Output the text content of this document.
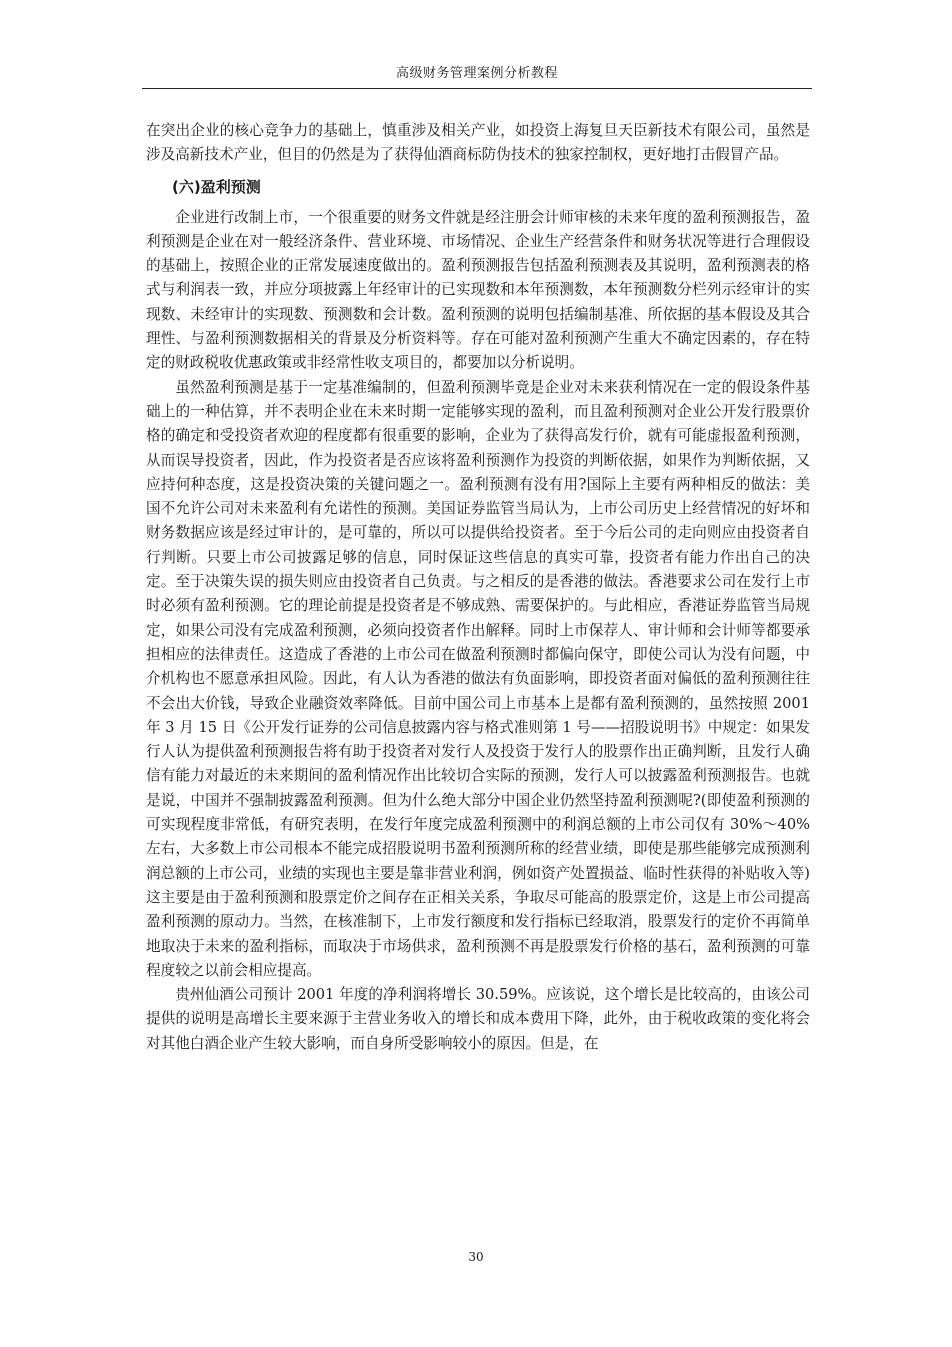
高级财务管理案例分析教程

在突出企业的核心竞争力的基础上，慎重涉及相关产业，如投资上海复旦天臣新技术有限公司，虽然是涉及高新技术产业，但目的仍然是为了获得仙酒商标防伪技术的独家控制权，更好地打击假冒产品。

(六)盈利预测

企业进行改制上市，一个很重要的财务文件就是经注册会计师审核的未来年度的盈利预测报告，盈利预测是企业在对一般经济条件、营业环境、市场情况、企业生产经营条件和财务状况等进行合理假设的基础上，按照企业的正常发展速度做出的。盈利预测报告包括盈利预测表及其说明，盈利预测表的格式与利润表一致，并应分项披露上年经审计的已实现数和本年预测数，本年预测数分栏列示经审计的实现数、未经审计的实现数、预测数和会计数。盈利预测的说明包括编制基准、所依据的基本假设及其合理性、与盈利预测数据相关的背景及分析资料等。存在可能对盈利预测产生重大不确定因素的，存在特定的财政税收优惠政策或非经常性收支项目的，都要加以分析说明。

虽然盈利预测是基于一定基准编制的，但盈利预测毕竟是企业对未来获利情况在一定的假设条件基础上的一种估算，并不表明企业在未来时期一定能够实现的盈利，而且盈利预测对企业公开发行股票价格的确定和受投资者欢迎的程度都有很重要的影响，企业为了获得高发行价，就有可能虚报盈利预测，从而误导投资者，因此，作为投资者是否应该将盈利预测作为投资的判断依据，如果作为判断依据，又应持何种态度，这是投资决策的关键问题之一。盈利预测有没有用?国际上主要有两种相反的做法：美国不允许公司对未来盈利有允诺性的预测。美国证券监管当局认为，上市公司历史上经营情况的好坏和财务数据应该是经过审计的，是可靠的，所以可以提供给投资者。至于今后公司的走向则应由投资者自行判断。只要上市公司披露足够的信息，同时保证这些信息的真实可靠，投资者有能力作出自己的决定。至于决策失误的损失则应由投资者自己负责。与之相反的是香港的做法。香港要求公司在发行上市时必须有盈利预测。它的理论前提是投资者是不够成熟、需要保护的。与此相应，香港证券监管当局规定，如果公司没有完成盈利预测，必须向投资者作出解释。同时上市保荐人、审计师和会计师等都要承担相应的法律责任。这造成了香港的上市公司在做盈利预测时都偏向保守，即使公司认为没有问题，中介机构也不愿意承担风险。因此，有人认为香港的做法有负面影响，即投资者面对偏低的盈利预测往往不会出大价钱，导致企业融资效率降低。目前中国公司上市基本上是都有盈利预测的，虽然按照 2001 年 3 月 15 日《公开发行证券的公司信息披露内容与格式准则第 1 号——招股说明书》中规定：如果发行人认为提供盈利预测报告将有助于投资者对发行人及投资于发行人的股票作出正确判断，且发行人确信有能力对最近的未来期间的盈利情况作出比较切合实际的预测，发行人可以披露盈利预测报告。也就是说，中国并不强制披露盈利预测。但为什么绝大部分中国企业仍然坚持盈利预测呢?(即使盈利预测的可实现程度非常低，有研究表明，在发行年度完成盈利预测中的利润总额的上市公司仅有 30%～40%左右，大多数上市公司根本不能完成招股说明书盈利预测所称的经营业绩，即使是那些能够完成预测利润总额的上市公司，业绩的实现也主要是靠非营业利润，例如资产处置损益、临时性获得的补贴收入等)这主要是由于盈利预测和股票定价之间存在正相关关系，争取尽可能高的股票定价，这是上市公司提高盈利预测的原动力。当然，在核准制下，上市发行额度和发行指标已经取消，股票发行的定价不再简单地取决于未来的盈利指标，而取决于市场供求，盈利预测不再是股票发行价格的基石，盈利预测的可靠程度较之以前会相应提高。

贵州仙酒公司预计 2001 年度的净利润将增长 30.59%。应该说，这个增长是比较高的，由该公司提供的说明是高增长主要来源于主营业务收入的增长和成本费用下降，此外，由于税收政策的变化将会对其他白酒企业产生较大影响，而自身所受影响较小的原因。但是，在

30
